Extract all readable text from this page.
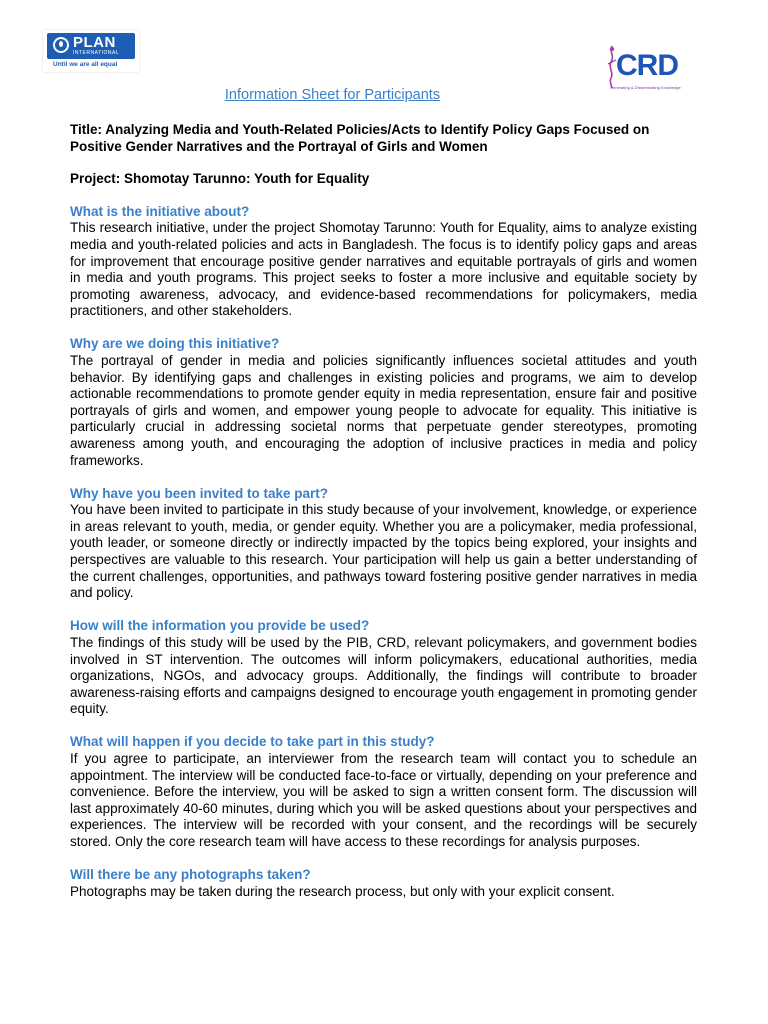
PLAN
INTERNATIONAL
Until we are all equal	CRD
Generating & Disseminating Knowledge
Information Sheet for Participants
Title: Analyzing Media and Youth-Related Policies/Acts to Identify Policy Gaps Focused on Positive Gender Narratives and the Portrayal of Girls and Women
Project: Shomotay Tarunno: Youth for Equality
What is the initiative about?

This research initiative, under the project Shomotay Tarunno: Youth for Equality, aims to analyze existing media and youth-related policies and acts in Bangladesh. The focus is to identify policy gaps and areas for improvement that encourage positive gender narratives and equitable portrayals of girls and women in media and youth programs. This project seeks to foster a more inclusive and equitable society by promoting awareness, advocacy, and evidence-based recommendations for policymakers, media practitioners, and other stakeholders.

Why are we doing this initiative?

The portrayal of gender in media and policies significantly influences societal attitudes and youth behavior. By identifying gaps and challenges in existing policies and programs, we aim to develop actionable recommendations to promote gender equity in media representation, ensure fair and positive portrayals of girls and women, and empower young people to advocate for equality. This initiative is particularly crucial in addressing societal norms that perpetuate gender stereotypes, promoting awareness among youth, and encouraging the adoption of inclusive practices in media and policy frameworks.

Why have you been invited to take part?

You have been invited to participate in this study because of your involvement, knowledge, or experience in areas relevant to youth, media, or gender equity. Whether you are a policymaker, media professional, youth leader, or someone directly or indirectly impacted by the topics being explored, your insights and perspectives are valuable to this research. Your participation will help us gain a better understanding of the current challenges, opportunities, and pathways toward fostering positive gender narratives in media and policy.

How will the information you provide be used?

The findings of this study will be used by the PIB, CRD, relevant policymakers, and government bodies involved in ST intervention. The outcomes will inform policymakers, educational authorities, media organizations, NGOs, and advocacy groups. Additionally, the findings will contribute to broader awareness-raising efforts and campaigns designed to encourage youth engagement in promoting gender equity.

What will happen if you decide to take part in this study?

If you agree to participate, an interviewer from the research team will contact you to schedule an appointment. The interview will be conducted face-to-face or virtually, depending on your preference and convenience. Before the interview, you will be asked to sign a written consent form. The discussion will last approximately 40-60 minutes, during which you will be asked questions about your perspectives and experiences. The interview will be recorded with your consent, and the recordings will be securely stored. Only the core research team will have access to these recordings for analysis purposes.

Will there be any photographs taken?

Photographs may be taken during the research process, but only with your explicit consent.
